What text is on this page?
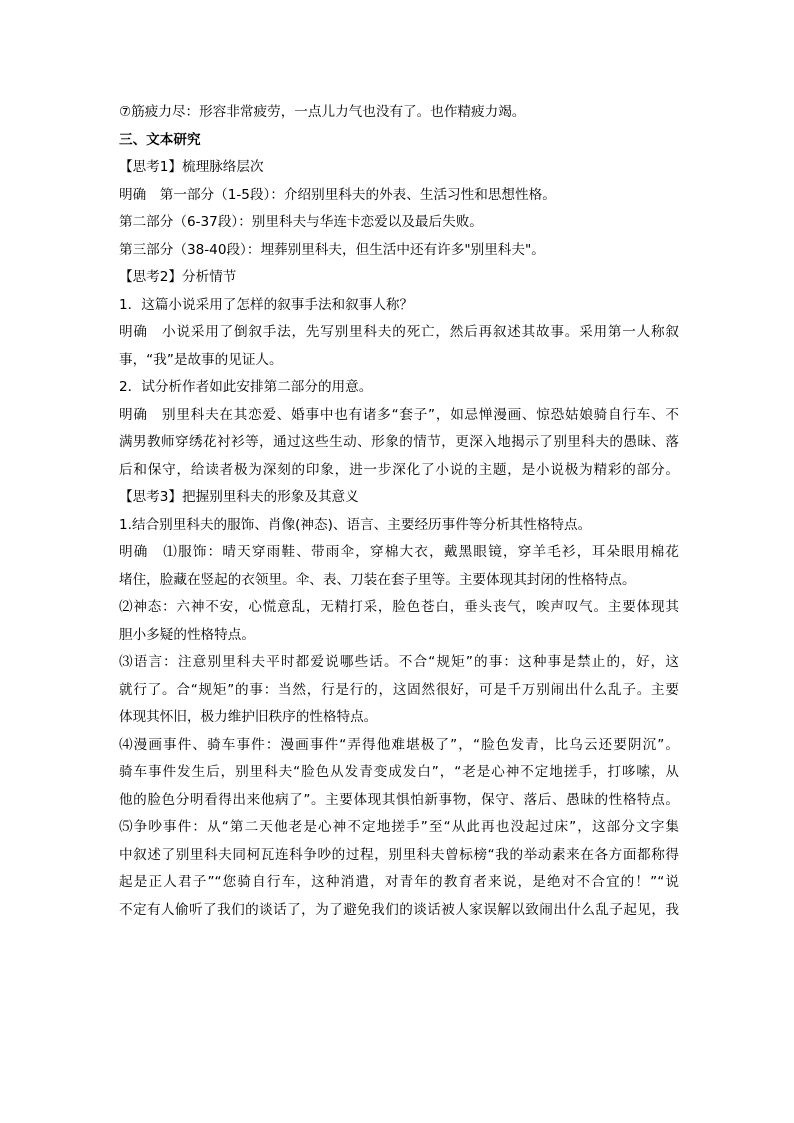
⑦筋疲力尽：形容非常疲劳，一点儿力气也没有了。也作精疲力竭。
三、文本研究
【思考1】梳理脉络层次
明确　第一部分（1-5段）：介绍别里科夫的外表、生活习性和思想性格。
第二部分（6-37段）：别里科夫与华连卡恋爱以及最后失败。
第三部分（38-40段）：埋葬别里科夫，但生活中还有许多"别里科夫"。
【思考2】分析情节
1．这篇小说采用了怎样的叙事手法和叙事人称？
明确　小说采用了倒叙手法，先写别里科夫的死亡，然后再叙述其故事。采用第一人称叙
事，“我”是故事的见证人。
2．试分析作者如此安排第二部分的用意。
明确　别里科夫在其恋爱、婚事中也有诸多“套子”，如忌惮漫画、惊恐姑娘骑自行车、不
满男教师穿绣花衬衫等，通过这些生动、形象的情节，更深入地揭示了别里科夫的愚昧、落
后和保守，给读者极为深刻的印象，进一步深化了小说的主题，是小说极为精彩的部分。
【思考3】把握别里科夫的形象及其意义
1.结合别里科夫的服饰、肖像(神态)、语言、主要经历事件等分析其性格特点。
明确　⑴服饰：晴天穿雨鞋、带雨伞，穿棉大衣，戴黑眼镜，穿羊毛衫，耳朵眼用棉花
堵住，脸藏在竖起的衣领里。伞、表、刀装在套子里等。主要体现其封闭的性格特点。
⑵神态：六神不安，心慌意乱，无精打采，脸色苍白，垂头丧气，唉声叹气。主要体现其
胆小多疑的性格特点。
⑶语言：注意别里科夫平时都爱说哪些话。不合“规矩”的事：这种事是禁止的，好，这
就行了。合“规矩”的事：当然，行是行的，这固然很好，可是千万别闹出什么乱子。主要
体现其怀旧，极力维护旧秩序的性格特点。
⑷漫画事件、骑车事件：漫画事件“弄得他难堪极了”，“脸色发青，比乌云还要阴沉”。
骑车事件发生后，别里科夫“脸色从发青变成发白”，“老是心神不定地搓手，打哆嗦，从
他的脸色分明看得出来他病了”。主要体现其惧怕新事物，保守、落后、愚昧的性格特点。
⑸争吵事件：从“第二天他老是心神不定地搓手”至“从此再也没起过床”，这部分文字集
中叙述了别里科夫同柯瓦连科争吵的过程，别里科夫曾标榜“我的举动素来在各方面都称得
起是正人君子”“您骑自行车，这种消遣，对青年的教育者来说，是绝对不合宜的！”“说
不定有人偷听了我们的谈话了，为了避免我们的谈话被人家误解以致闹出什么乱子起见，我
